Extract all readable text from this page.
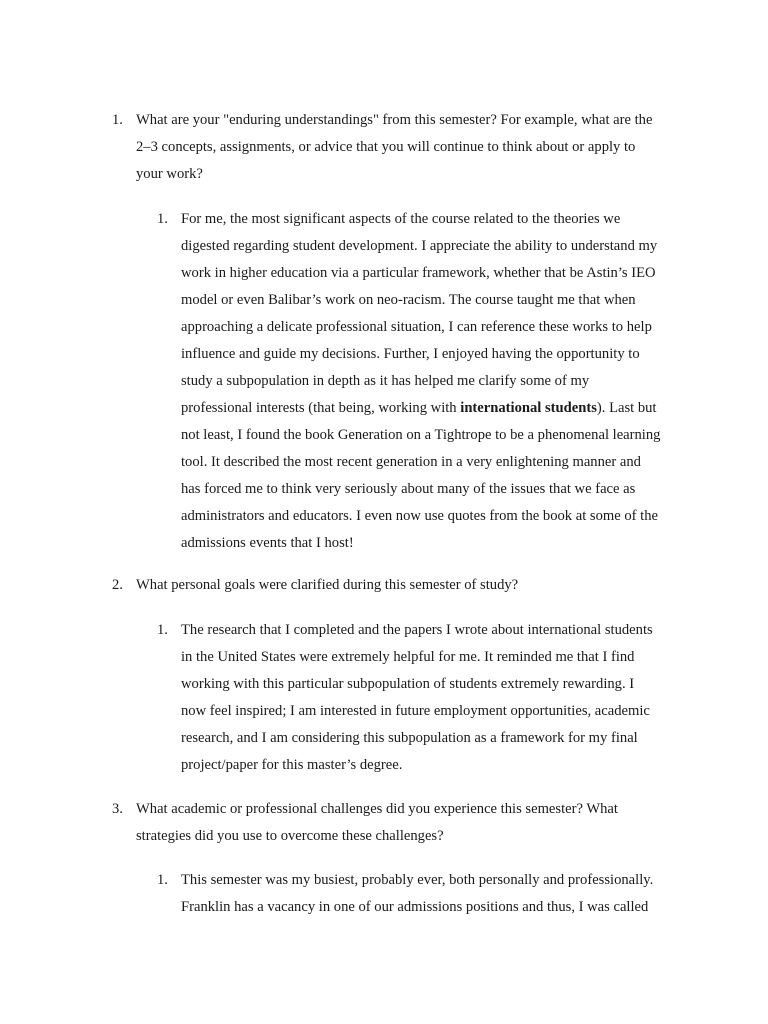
1. What are your "enduring understandings" from this semester? For example, what are the
2–3 concepts, assignments, or advice that you will continue to think about or apply to
your work?
1. For me, the most significant aspects of the course related to the theories we
digested regarding student development. I appreciate the ability to understand my
work in higher education via a particular framework, whether that be Astin’s IEO
model or even Balibar’s work on neo-racism. The course taught me that when
approaching a delicate professional situation, I can reference these works to help
influence and guide my decisions. Further, I enjoyed having the opportunity to
study a subpopulation in depth as it has helped me clarify some of my
professional interests (that being, working with international students). Last but
not least, I found the book Generation on a Tightrope to be a phenomenal learning
tool. It described the most recent generation in a very enlightening manner and
has forced me to think very seriously about many of the issues that we face as
administrators and educators. I even now use quotes from the book at some of the
admissions events that I host!
2. What personal goals were clarified during this semester of study?
1. The research that I completed and the papers I wrote about international students
in the United States were extremely helpful for me. It reminded me that I find
working with this particular subpopulation of students extremely rewarding. I
now feel inspired; I am interested in future employment opportunities, academic
research, and I am considering this subpopulation as a framework for my final
project/paper for this master’s degree.
3. What academic or professional challenges did you experience this semester? What
strategies did you use to overcome these challenges?
1. This semester was my busiest, probably ever, both personally and professionally.
Franklin has a vacancy in one of our admissions positions and thus, I was called
